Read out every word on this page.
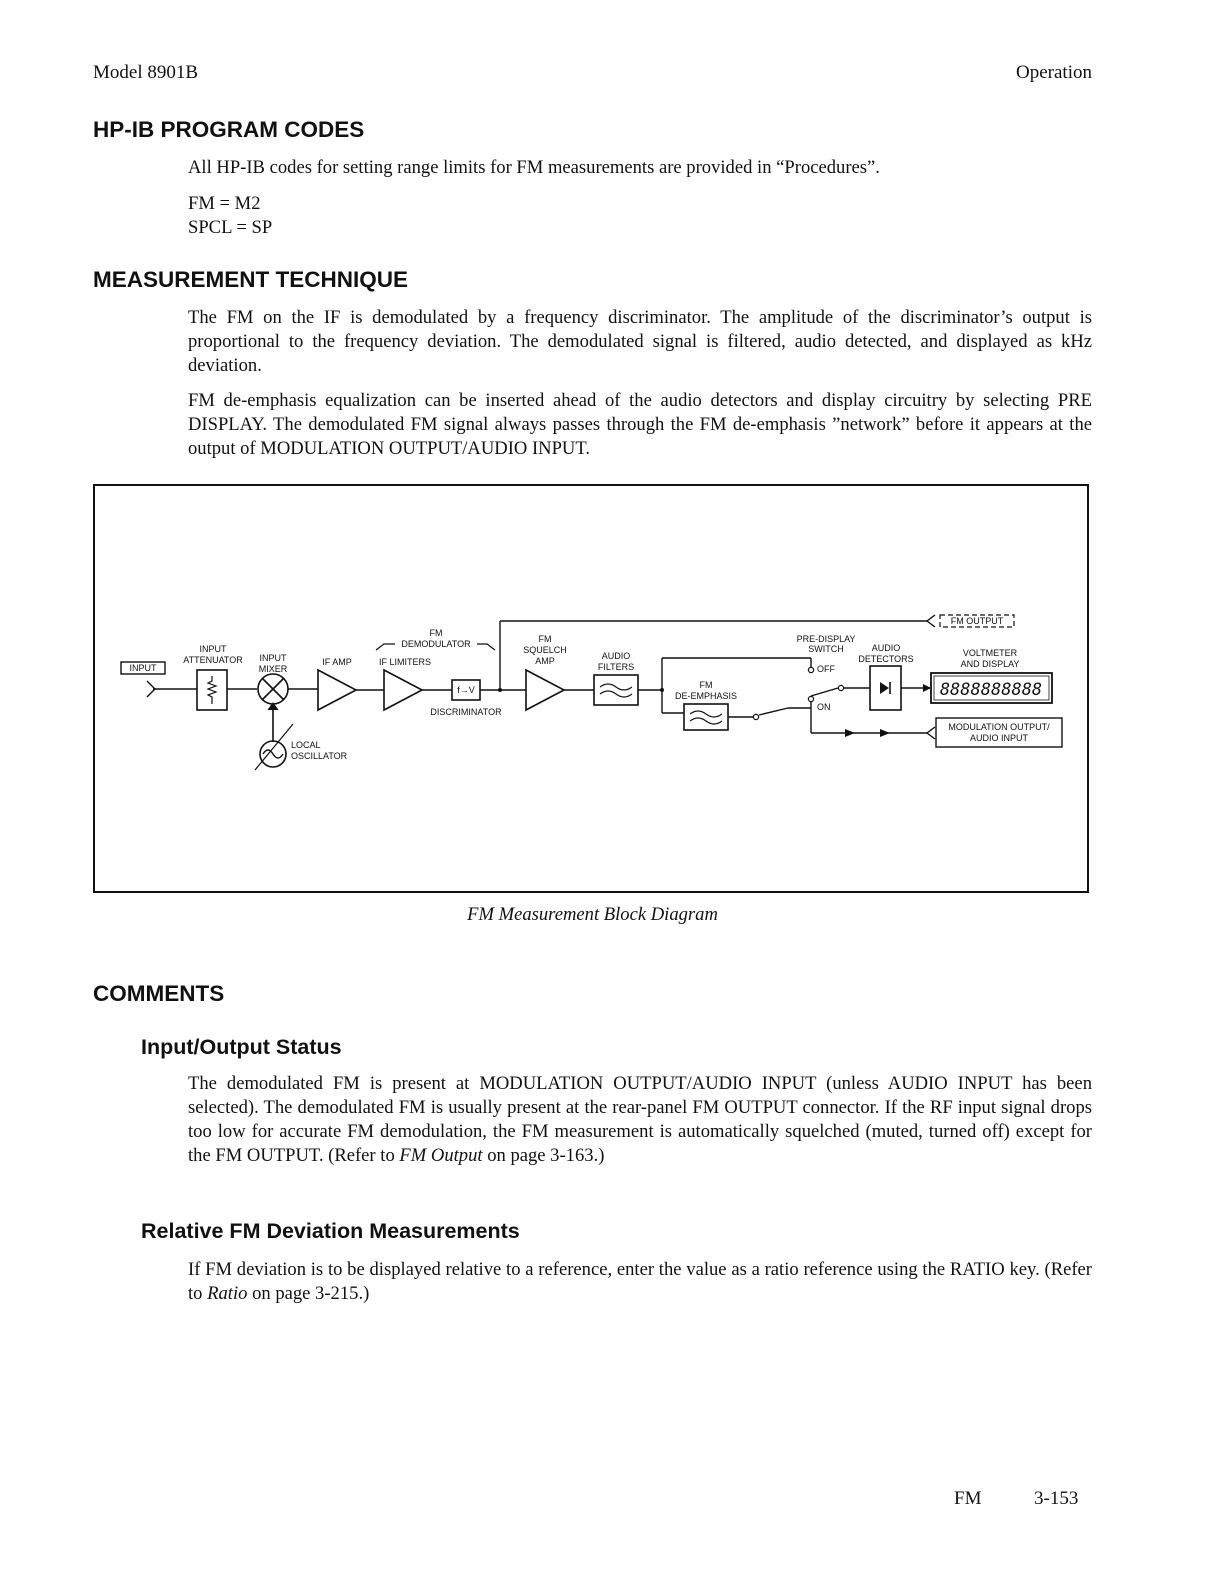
Model 8901B	Operation
HP-IB PROGRAM CODES

All HP-IB codes for setting range limits for FM measurements are provided in “Procedures”.

FM = M2
SPCL = SP
MEASUREMENT TECHNIQUE

The FM on the IF is demodulated by a frequency discriminator. The amplitude of the discriminator’s output is proportional to the frequency deviation. The demodulated signal is filtered, audio detected, and displayed as kHz deviation.

FM de-emphasis equalization can be inserted ahead of the audio detectors and display circuitry by selecting PRE DISPLAY. The demodulated FM signal always passes through the FM de-emphasis ”network” before it appears at the output of MODULATION OUTPUT/AUDIO INPUT.

INPUT
INPUT
ATTENUATOR INPUT
MIXER
LOCAL
OSCILLATOR
IF AMP
FM
DEMODULATOR
IF LIMITERS
f→V
DISCRIMINATOR
FM OUTPUT
FM
SQUELCH
AMP	AUDIO
FILTERS
FM
DE-EMPHASIS
PRE-DISPLAY
SWITCH
OFF
ON
MODULATION OUTPUT/
AUDIO INPUT
AUDIO
DETECTORS
VOLTMETER
AND DISPLAY
8888888888
FM Measurement Block Diagram
COMMENTS
Input/Output Status

The demodulated FM is present at MODULATION OUTPUT/AUDIO INPUT (unless AUDIO INPUT has been selected). The demodulated FM is usually present at the rear-panel FM OUTPUT connector. If the RF input signal drops too low for accurate FM demodulation, the FM measurement is automatically squelched (muted, turned off) except for the FM OUTPUT. (Refer to FM Output on page 3-163.)

Relative FM Deviation Measurements

If FM deviation is to be displayed relative to a reference, enter the value as a ratio reference using the RATIO key. (Refer to Ratio on page 3-215.)

FM	3-153
